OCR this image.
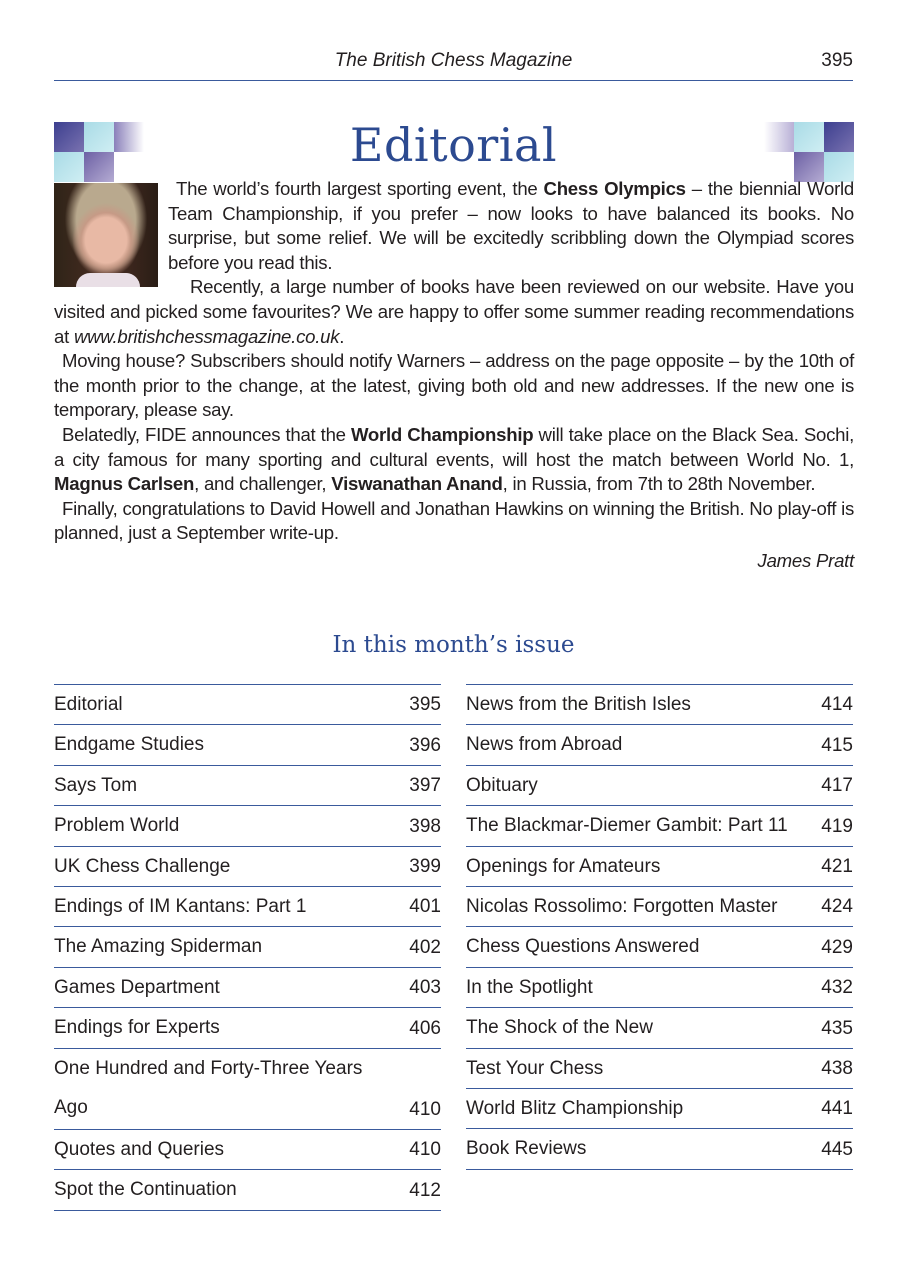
The British Chess Magazine	395
Editorial

The world’s fourth largest sporting event, the Chess Olympics – the biennial World Team Championship, if you prefer – now looks to have balanced its books. No surprise, but some relief. We will be excitedly scribbling down the Olympiad scores before you read this.

Recently, a large number of books have been reviewed on our website. Have you visited and picked some favourites? We are happy to offer some summer reading recommendations at www.britishchessmagazine.co.uk.

Moving house? Subscribers should notify Warners – address on the page opposite – by the 10th of the month prior to the change, at the latest, giving both old and new addresses. If the new one is temporary, please say.

Belatedly, FIDE announces that the World Championship will take place on the Black Sea. Sochi, a city famous for many sporting and cultural events, will host the match between World No. 1, Magnus Carlsen, and challenger, Viswanathan Anand, in Russia, from 7th to 28th November.

Finally, congratulations to David Howell and Jonathan Hawkins on winning the British. No play-off is planned, just a September write-up.

James Pratt

In this month’s issue
Editorial	395
Endgame Studies	396
Says Tom	397
Problem World	398
UK Chess Challenge	399
Endings of IM Kantans: Part 1	401
The Amazing Spiderman	402
Games Department	403
Endings for Experts	406
One Hundred and Forty-Three Years
Ago	410
Quotes and Queries	410
Spot the Continuation	412
News from the British Isles	414
News from Abroad	415
Obituary	417
The Blackmar-Diemer Gambit: Part 11 419
Openings for Amateurs	421
Nicolas Rossolimo: Forgotten Master 424
Chess Questions Answered	429
In the Spotlight	432
The Shock of the New	435
Test Your Chess	438
World Blitz Championship	441
Book Reviews	445
